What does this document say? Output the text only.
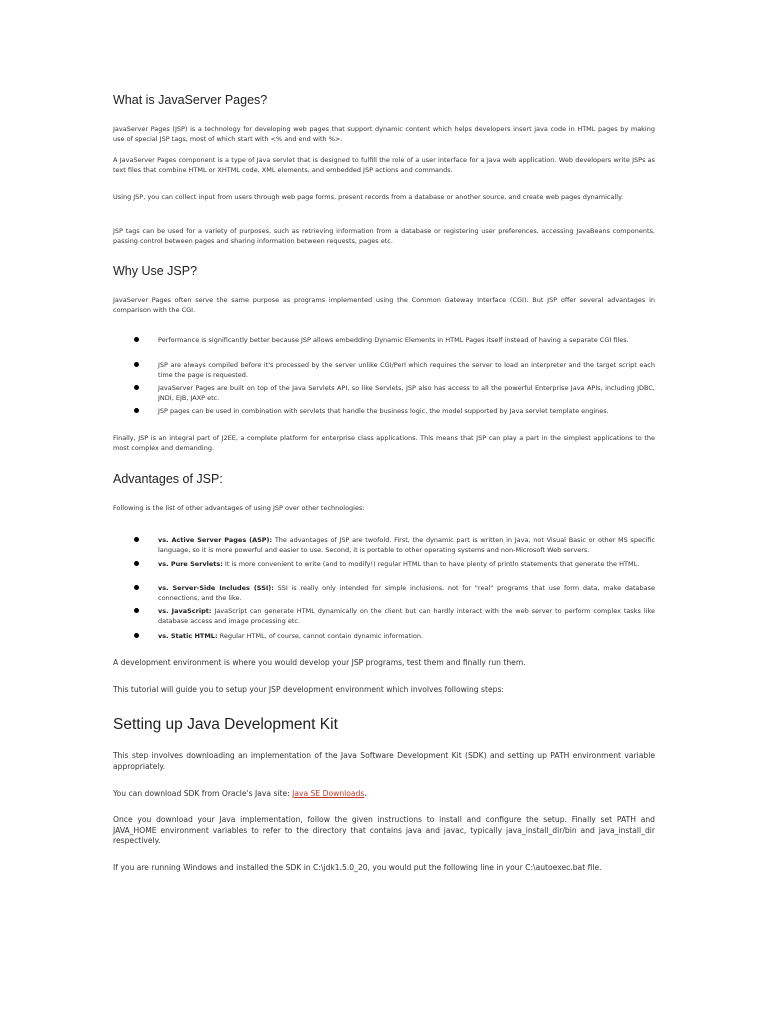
What is JavaServer Pages?

JavaServer Pages (JSP) is a technology for developing web pages that support dynamic content which helps developers insert java code in HTML pages by making use of special JSP tags, most of which start with <% and end with %>.

A JavaServer Pages component is a type of Java servlet that is designed to fulfill the role of a user interface for a Java web application. Web developers write JSPs as text files that combine HTML or XHTML code, XML elements, and embedded JSP actions and commands.

Using JSP, you can collect input from users through web page forms, present records from a database or another source, and create web pages dynamically.

JSP tags can be used for a variety of purposes, such as retrieving information from a database or registering user preferences, accessing JavaBeans components, passing control between pages and sharing information between requests, pages etc.

Why Use JSP?

JavaServer Pages often serve the same purpose as programs implemented using the Common Gateway Interface (CGI). But JSP offer several advantages in comparison with the CGI.

Performance is significantly better because JSP allows embedding Dynamic Elements in HTML Pages itself instead of having a separate CGI files.
JSP are always compiled before it's processed by the server unlike CGI/Perl which requires the server to load an interpreter and the target script each time the page is requested.
JavaServer Pages are built on top of the Java Servlets API, so like Servlets, JSP also has access to all the powerful Enterprise Java APIs, including JDBC, JNDI, EJB, JAXP etc.
JSP pages can be used in combination with servlets that handle the business logic, the model supported by Java servlet template engines.

Finally, JSP is an integral part of J2EE, a complete platform for enterprise class applications. This means that JSP can play a part in the simplest applications to the most complex and demanding.

Advantages of JSP:

Following is the list of other advantages of using JSP over other technologies:

vs. Active Server Pages (ASP): The advantages of JSP are twofold. First, the dynamic part is written in Java, not Visual Basic or other MS specific language, so it is more powerful and easier to use. Second, it is portable to other operating systems and non-Microsoft Web servers.
vs. Pure Servlets: It is more convenient to write (and to modify!) regular HTML than to have plenty of println statements that generate the HTML.
vs. Server-Side Includes (SSI): SSI is really only intended for simple inclusions, not for "real" programs that use form data, make database connections, and the like.
vs. JavaScript: JavaScript can generate HTML dynamically on the client but can hardly interact with the web server to perform complex tasks like database access and image processing etc.
vs. Static HTML: Regular HTML, of course, cannot contain dynamic information.

A development environment is where you would develop your JSP programs, test them and finally run them.

This tutorial will guide you to setup your JSP development environment which involves following steps:

Setting up Java Development Kit

This step involves downloading an implementation of the Java Software Development Kit (SDK) and setting up PATH environment variable appropriately.

You can download SDK from Oracle's Java site: Java SE Downloads.

Once you download your Java implementation, follow the given instructions to install and configure the setup. Finally set PATH and JAVA_HOME environment variables to refer to the directory that contains java and javac, typically java_install_dir/bin and java_install_dir respectively.

If you are running Windows and installed the SDK in C:\jdk1.5.0_20, you would put the following line in your C:\autoexec.bat file.
